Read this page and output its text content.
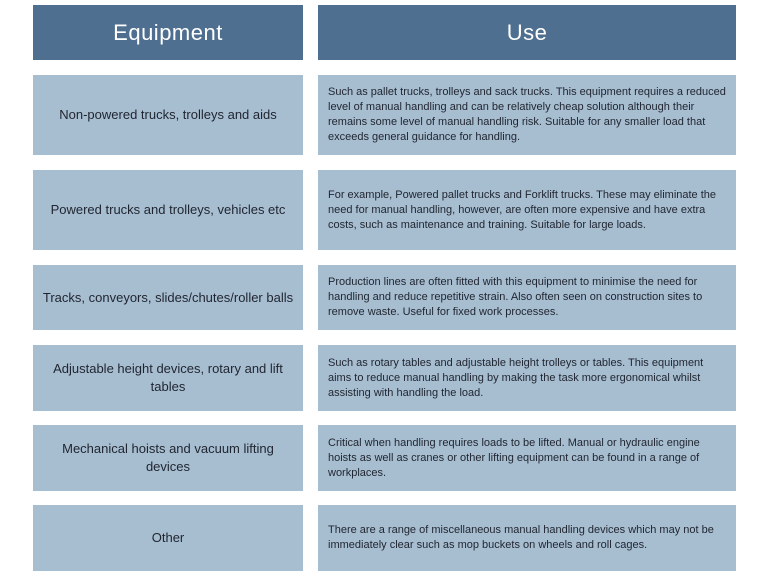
Equipment	Use
Non-powered trucks, trolleys and aids
Such as pallet trucks, trolleys and sack trucks. This equipment requires a reduced level of manual handling and can be relatively cheap solution although their remains some level of manual handling risk. Suitable for any smaller load that exceeds general guidance for handling.
Powered trucks and trolleys, vehicles etc
For example, Powered pallet trucks and Forklift trucks. These may eliminate the need for manual handling, however, are often more expensive and have extra costs, such as maintenance and training. Suitable for large loads.
Tracks, conveyors, slides/chutes/roller balls
Production lines are often fitted with this equipment to minimise the need for handling and reduce repetitive strain. Also often seen on construction sites to remove waste. Useful for fixed work processes.
Adjustable height devices, rotary and lift tables
Such as rotary tables and adjustable height trolleys or tables. This equipment aims to reduce manual handling by making the task more ergonomical whilst assisting with handling the load.
Mechanical hoists and vacuum lifting devices
Critical when handling requires loads to be lifted. Manual or hydraulic engine hoists as well as cranes or other lifting equipment can be found in a range of workplaces.
Other	There are a range of miscellaneous manual handling devices which may not be immediately clear such as mop buckets on wheels and roll cages.
